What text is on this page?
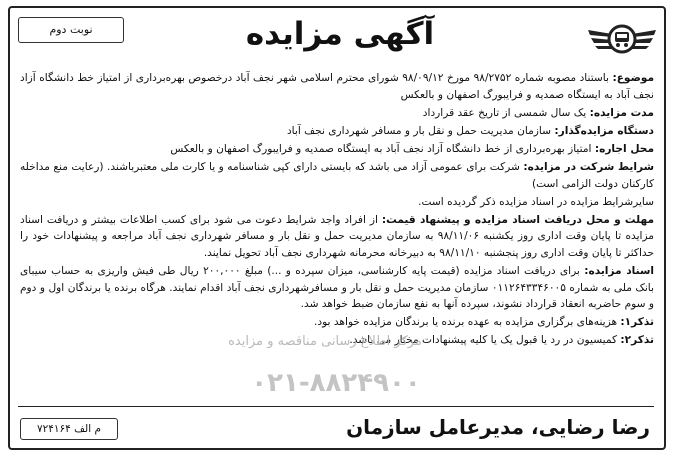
آگهی مزایده
نوبت دوم

موضوع: باستناد مصوبه شماره ۹۸/۲۷۵۲ مورخ ۹۸/۰۹/۱۲ شورای محترم اسلامی شهر نجف آباد درخصوص بهره‌برداری از امتیاز خط دانشگاه آزاد نجف آباد به ایستگاه صمدیه و فرایبورگ اصفهان و بالعکس

مدت مزایده: یک سال شمسی از تاریخ عقد قرارداد

دستگاه مزایده‌گذار: سازمان مدیریت حمل و نقل بار و مسافر شهرداری نجف آباد

محل اجاره: امتیاز بهره‌برداری از خط دانشگاه آزاد نجف آباد به ایستگاه صمدیه و فرایبورگ اصفهان و بالعکس

شرایط شرکت در مزایده: شرکت برای عمومی آزاد می باشد که بایستی دارای کپی شناسنامه و یا کارت ملی معتبرباشند. (رعایت منع مداخله کارکنان دولت الزامی است)

سایرشرایط مزایده در اسناد مزایده ذکر گردیده است.

مهلت و محل دریافت اسناد مزایده و پیشنهاد قیمت: از افراد واجد شرایط دعوت می شود برای کسب اطلاعات بیشتر و دریافت اسناد مزایده تا پایان وقت اداری روز یکشنبه ۹۸/۱۱/۰۶ به سازمان مدیریت حمل و نقل بار و مسافر شهرداری نجف آباد مراجعه و پیشنهادات خود را حداکثر تا پایان وقت اداری روز پنجشنبه ۹۸/۱۱/۱۰ به دبیرخانه محرمانه شهرداری نجف آباد تحویل نمایند.

اسناد مزایده: برای دریافت اسناد مزایده (قیمت پایه کارشناسی، میزان سپرده و ...) مبلغ ۲۰۰,۰۰۰ ریال طی فیش واریزی به حساب سیبای بانک ملی به شماره ۰۱۱۲۶۴۳۳۴۶۰۰۵ سازمان مدیریت حمل و نقل بار و مسافرشهرداری نجف آباد اقدام نمایند. هرگاه برنده یا برندگان اول و دوم و سوم حاضربه انعقاد قرارداد نشوند، سپرده آنها به نفع سازمان ضبط خواهد شد.

تذکر۱: هزینه‌های برگزاری مزایده به عهده برنده یا برندگان مزایده خواهد بود.

تذکر۲: کمیسیون در رد یا قبول یک یا کلیه پیشنهادات مختار می باشد.

مرکز اطلاع رسانی مناقصه و مزایده
۰۲۱-۸۸۲۴۹۰۰
رضا رضایی، مدیرعامل سازمان
م الف ۷۲۴۱۶۴
